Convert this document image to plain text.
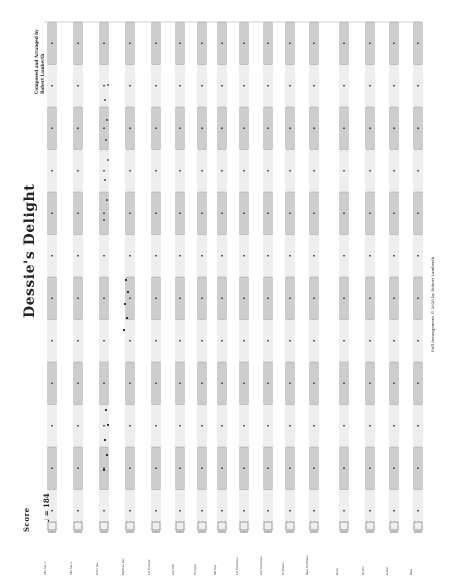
Score ♩ = 184
Dessie's Delight
Composed and Arranged by Robert Lamberth
Full Arrangement © 2020 by Robert Lamberth
Alto Sax 1	Alto Sax 2	Tenor Sax	Baritone Sax	1st Trumpet	2nd Trpt	Trumpet	4th Trpt	1st Trombone	2nd Trombone	Trombone	Bass Trombone	Piano	Drums	Guitar	Bass
